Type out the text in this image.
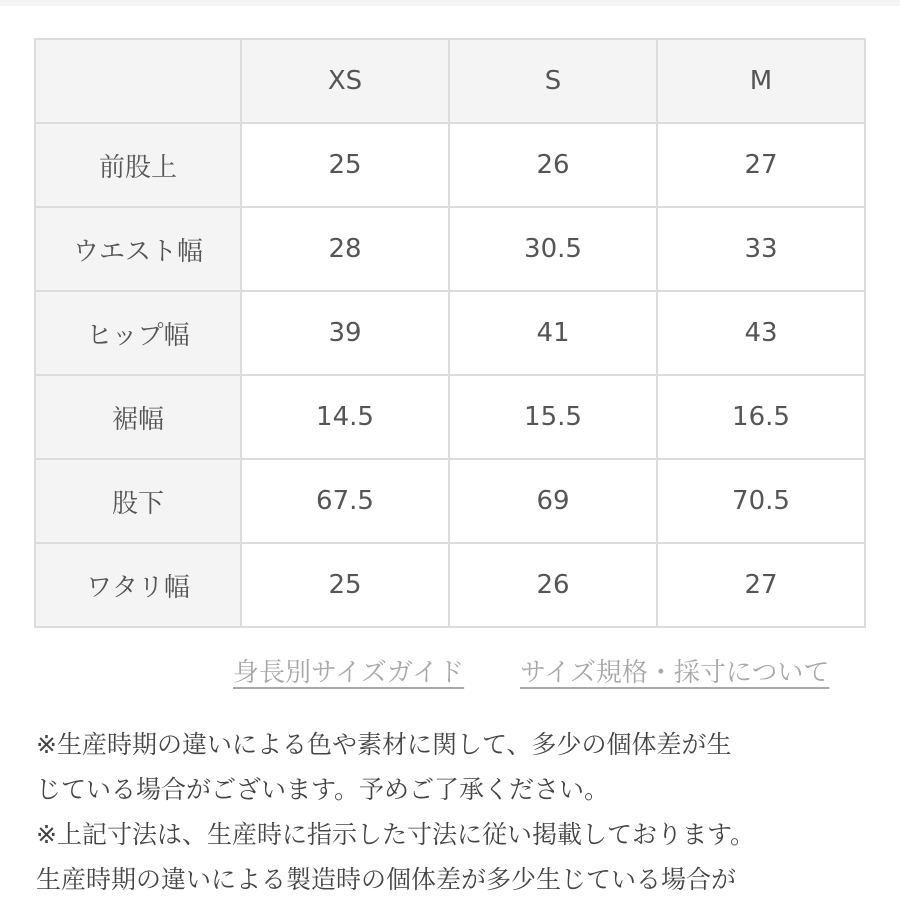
	XS	S	M
前股上	25	26	27
ウエスト幅	28	30.5	33
ヒップ幅	39	41	43
裾幅	14.5	15.5	16.5
股下	67.5	69	70.5
ワタリ幅	25	26	27
身長別サイズガイド サイズ規格・採寸について

※生産時期の違いによる色や素材に関して、多少の個体差が生

じている場合がございます。予めご了承ください。

※上記寸法は、生産時に指示した寸法に従い掲載しております。

生産時期の違いによる製造時の個体差が多少生じている場合が
